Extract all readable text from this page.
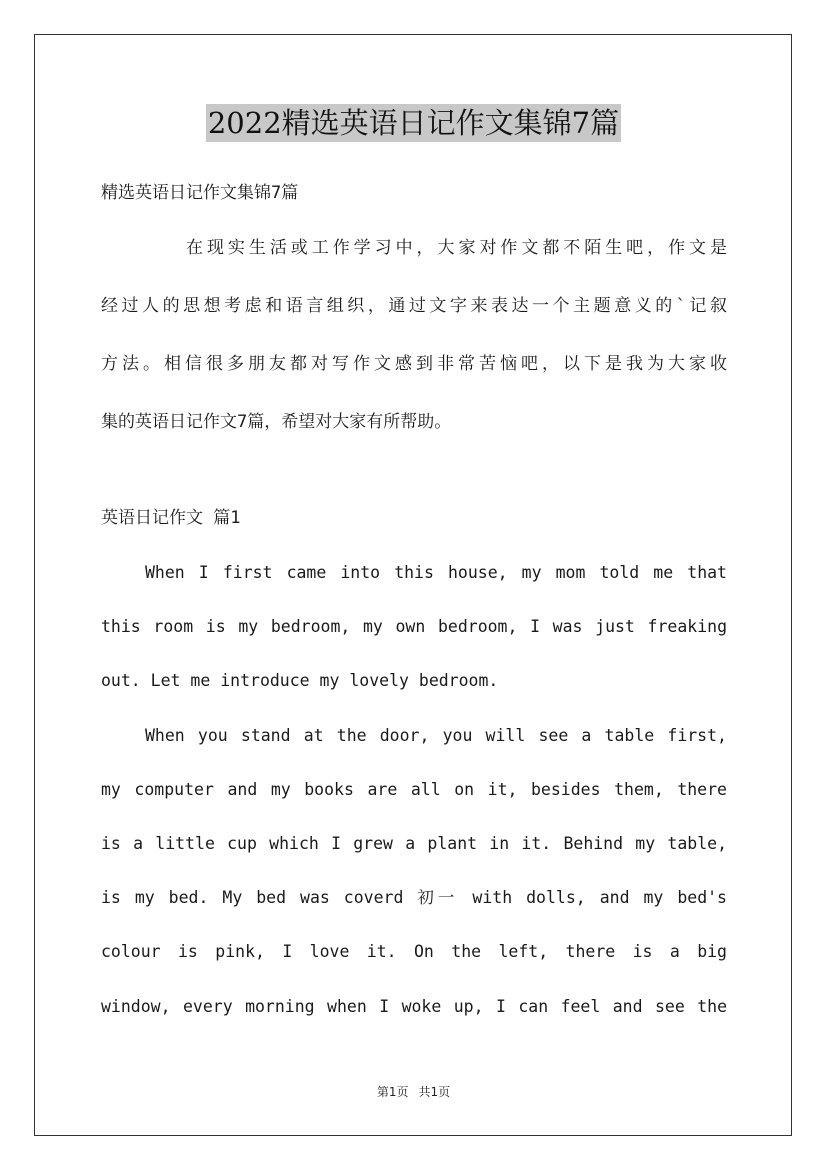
2022精选英语日记作文集锦7篇
精选英语日记作文集锦7篇
在现实生活或工作学习中，大家对作文都不陌生吧，作文是
经过人的思想考虑和语言组织，通过文字来表达一个主题意义的`记叙
方法。相信很多朋友都对写作文感到非常苦恼吧，以下是我为大家收
集的英语日记作文7篇，希望对大家有所帮助。
英语日记作文 篇1
When I first came into this house, my mom told me that
this room is my bedroom, my own bedroom, I was just freaking
out. Let me introduce my lovely bedroom.
When you stand at the door, you will see a table first,
my computer and my books are all on it, besides them, there
is a little cup which I grew a plant in it. Behind my table,
is my bed. My bed was coverd 初一 with dolls, and my bed's
colour is pink, I love it. On the left, there is a big
window, every morning when I woke up, I can feel and see the
第1页 共1页
